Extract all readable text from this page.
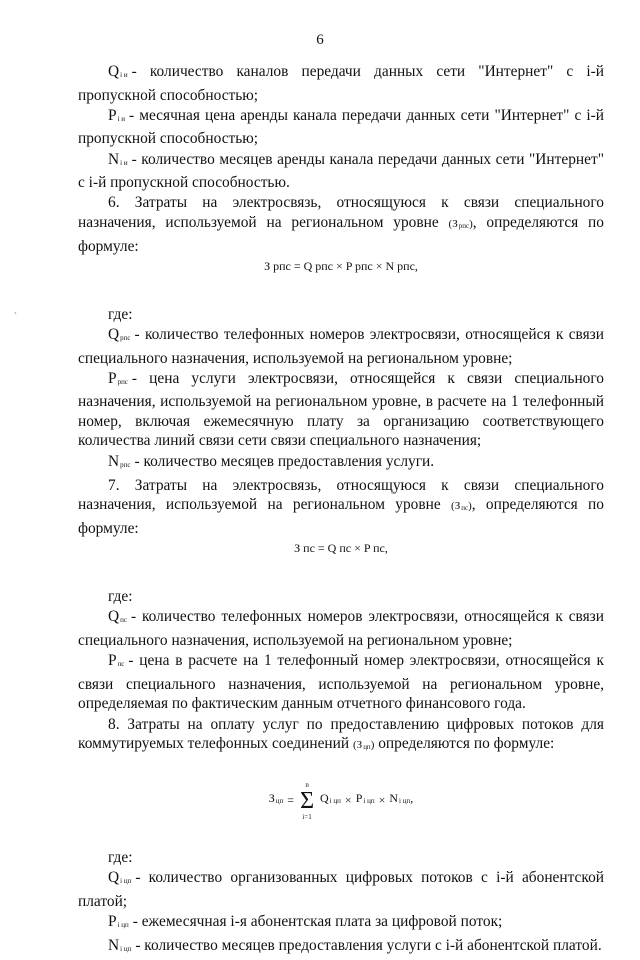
6
`

Qi и - количество каналов передачи данных сети "Интернет" с i-й пропускной способностью;

Pi и - месячная цена аренды канала передачи данных сети "Интернет" с i-й пропускной способностью;

Ni и - количество месяцев аренды канала передачи данных сети "Интернет" с i-й пропускной способностью.

6. Затраты на электросвязь, относящуюся к связи специального назначения, используемой на региональном уровне (Зрпс), определяются по формуле:

З рпс = Q рпс × P рпс × N рпс,

где:

Qрпс - количество телефонных номеров электросвязи, относящейся к связи специального назначения, используемой на региональном уровне;

Pрпс - цена услуги электросвязи, относящейся к связи специального назначения, используемой на региональном уровне, в расчете на 1 телефонный номер, включая ежемесячную плату за организацию соответствующего количества линий связи сети связи специального назначения;

Nрпс - количество месяцев предоставления услуги.

7. Затраты на электросвязь, относящуюся к связи специального назначения, используемой на региональном уровне (Зпс), определяются по формуле:

З пс = Q пс × P пс,

где:

Qпс - количество телефонных номеров электросвязи, относящейся к связи специального назначения, используемой на региональном уровне;

Pпс - цена в расчете на 1 телефонный номер электросвязи, относящейся к связи специального назначения, используемой на региональном уровне, определяемая по фактическим данным отчетного финансового года.

8. Затраты на оплату услуг по предоставлению цифровых потоков для коммутируемых телефонных соединений (Зцп) определяются по формуле:

Зцп =
n
Σ
i=1
Qi цп × Pi цп × Ni цп,

где:

Qi цп - количество организованных цифровых потоков с i-й абонентской платой;

Pi цп - ежемесячная i-я абонентская плата за цифровой поток;

Ni цп - количество месяцев предоставления услуги с i-й абонентской платой.
